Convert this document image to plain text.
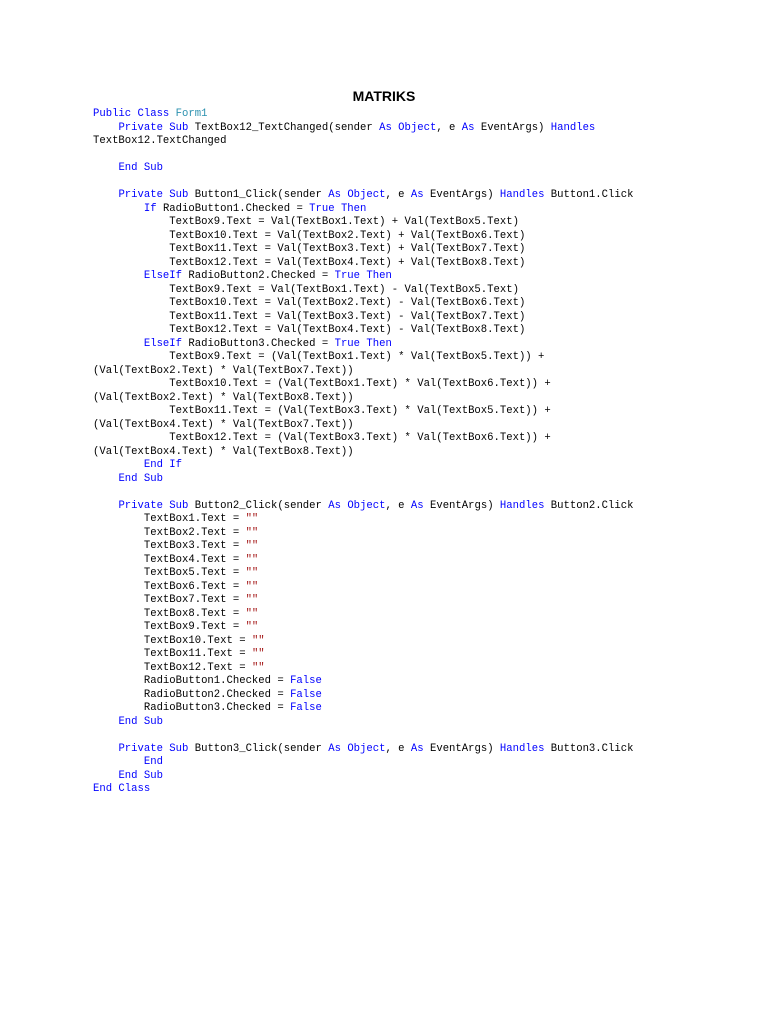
MATRIKS
Public Class Form1
Private Sub TextBox12_TextChanged(sender As Object, e As EventArgs) Handles
TextBox12.TextChanged
End Sub
Private Sub Button1_Click(sender As Object, e As EventArgs) Handles Button1.Click
If RadioButton1.Checked = True Then
TextBox9.Text = Val(TextBox1.Text) + Val(TextBox5.Text)
TextBox10.Text = Val(TextBox2.Text) + Val(TextBox6.Text)
TextBox11.Text = Val(TextBox3.Text) + Val(TextBox7.Text)
TextBox12.Text = Val(TextBox4.Text) + Val(TextBox8.Text)
ElseIf RadioButton2.Checked = True Then
TextBox9.Text = Val(TextBox1.Text) - Val(TextBox5.Text)
TextBox10.Text = Val(TextBox2.Text) - Val(TextBox6.Text)
TextBox11.Text = Val(TextBox3.Text) - Val(TextBox7.Text)
TextBox12.Text = Val(TextBox4.Text) - Val(TextBox8.Text)
ElseIf RadioButton3.Checked = True Then
TextBox9.Text = (Val(TextBox1.Text) * Val(TextBox5.Text)) +
(Val(TextBox2.Text) * Val(TextBox7.Text))
TextBox10.Text = (Val(TextBox1.Text) * Val(TextBox6.Text)) +
(Val(TextBox2.Text) * Val(TextBox8.Text))
TextBox11.Text = (Val(TextBox3.Text) * Val(TextBox5.Text)) +
(Val(TextBox4.Text) * Val(TextBox7.Text))
TextBox12.Text = (Val(TextBox3.Text) * Val(TextBox6.Text)) +
(Val(TextBox4.Text) * Val(TextBox8.Text))
End If
End Sub
Private Sub Button2_Click(sender As Object, e As EventArgs) Handles Button2.Click
TextBox1.Text = ""
TextBox2.Text = ""
TextBox3.Text = ""
TextBox4.Text = ""
TextBox5.Text = ""
TextBox6.Text = ""
TextBox7.Text = ""
TextBox8.Text = ""
TextBox9.Text = ""
TextBox10.Text = ""
TextBox11.Text = ""
TextBox12.Text = ""
RadioButton1.Checked = False
RadioButton2.Checked = False
RadioButton3.Checked = False
End Sub
Private Sub Button3_Click(sender As Object, e As EventArgs) Handles Button3.Click
End
End Sub
End Class
